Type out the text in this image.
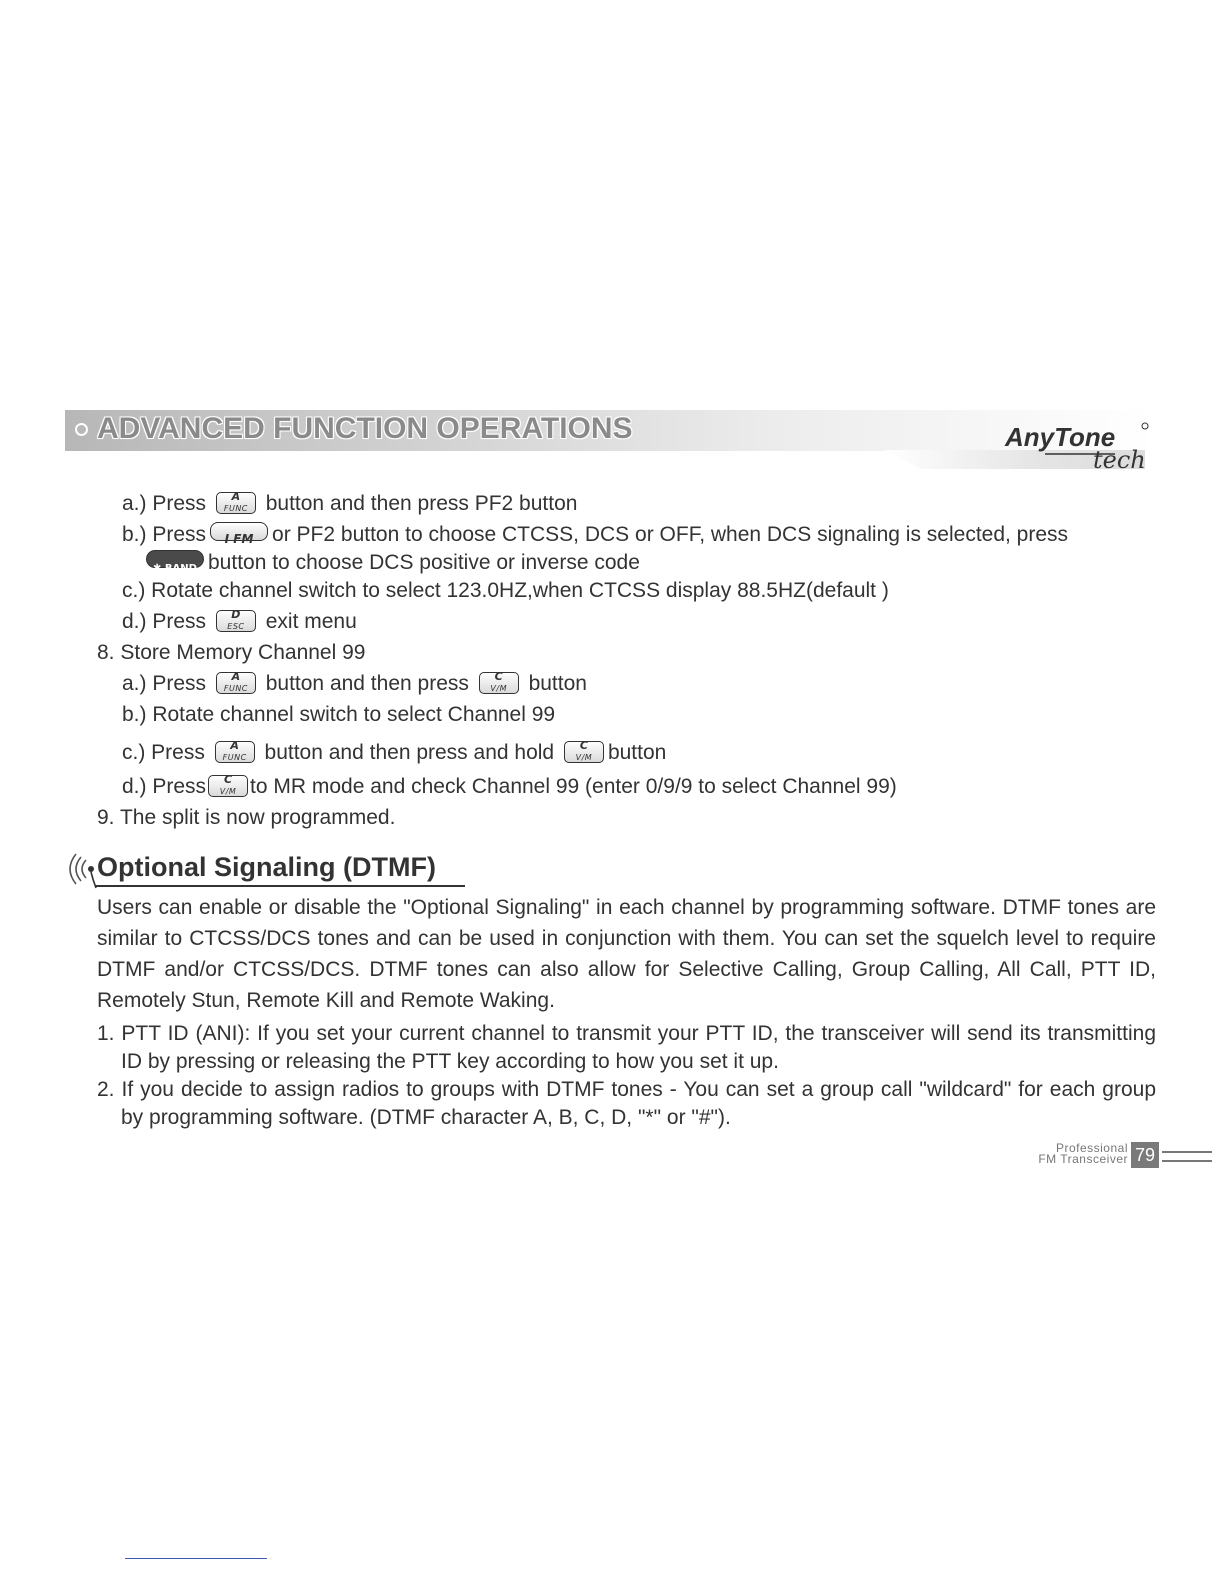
ADVANCED FUNCTION OPERATIONS	AnyTone
tech
a.) Press	A
FUNC button and then press PF2 button
b.) Press I FM or PF2 button to choose CTCSS, DCS or OFF, when DCS signaling is selected, press
✱ BAND button to choose DCS positive or inverse code
c.) Rotate channel switch to select 123.0HZ,when CTCSS display 88.5HZ(default )
d.) Press	D
ESC	exit menu
8. Store Memory Channel 99
a.) Press	A
FUNC button and then press	C
V/M	button
b.) Rotate channel switch to select Channel 99
c.) Press	A
FUNC button and then press and hold	C
V/M button
d.) Press	C
V/M to MR mode and check Channel 99 (enter 0/9/9 to select Channel 99)
9. The split is now programmed.
Optional Signaling (DTMF)

Users can enable or disable the "Optional Signaling" in each channel by programming software. DTMF tones are similar to CTCSS/DCS tones and can be used in conjunction with them. You can set the squelch level to require DTMF and/or CTCSS/DCS. DTMF tones can also allow for Selective Calling, Group Calling, All Call, PTT ID, Remotely Stun, Remote Kill and Remote Waking.

1. PTT ID (ANI): If you set your current channel to transmit your PTT ID, the transceiver will send its transmitting ID by pressing or releasing the PTT key according to how you set it up.

2. If you decide to assign radios to groups with DTMF tones - You can set a group call "wildcard" for each group by programming software. (DTMF character A, B, C, D, "*" or "#").

Professional
FM Transceiver 79
